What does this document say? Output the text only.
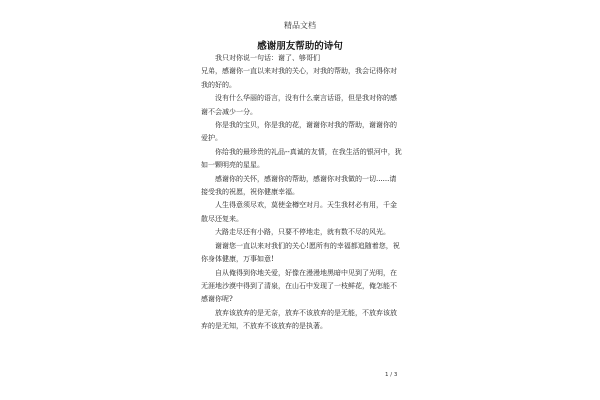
精品文档
感谢朋友帮助的诗句

我只对你说一句话：谢了、够哥们

兄弟，感谢你一直以来对我的关心，对我的帮助，我会记得你对我的好的。

没有什么华丽的语言，没有什么豪言话语，但是我对你的感谢不会减少一分。

你是我的宝贝，你是我的花，谢谢你对我的帮助，谢谢你的爱护。

你给我的最珍贵的礼品--真诚的友情，在我生活的银河中，犹如一颗明亮的星星。

感谢你的关怀，感谢你的帮助，感谢你对我做的一切......请接受我的祝愿，祝你健康幸福。

人生得意须尽欢，莫使金樽空对月。天生我材必有用，千金散尽还复来。

大路走尽还有小路，只要不停地走，就有数不尽的风光。

谢谢您一直以来对我们的关心!愿所有的幸福都追随着您，祝你身体健康，万事如意!

自从俺得到你地关爱，好像在漫漫地黑暗中见到了光明，在无涯地沙漠中得到了清泉，在山石中发现了一枝鲜花，俺怎能不感谢你呢?

放弃该放弃的是无奈，放弃不该放弃的是无能，不放弃该放弃的是无知，不放弃不该放弃的是执著。

1 / 3
